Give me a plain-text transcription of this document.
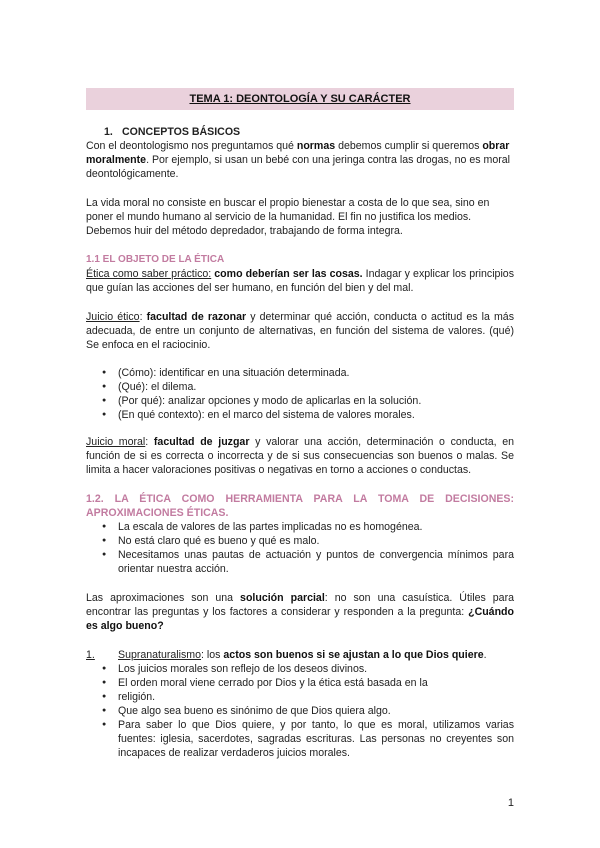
TEMA 1: DEONTOLOGÍA Y SU CARÁCTER

1. CONCEPTOS BÁSICOS

Con el deontologismo nos preguntamos qué normas debemos cumplir si queremos obrar moralmente. Por ejemplo, si usan un bebé con una jeringa contra las drogas, no es moral deontológicamente.

La vida moral no consiste en buscar el propio bienestar a costa de lo que sea, sino en poner el mundo humano al servicio de la humanidad. El fin no justifica los medios. Debemos huir del método depredador, trabajando de forma integra.

1.1 EL OBJETO DE LA ÉTICA

Ética como saber práctico: como deberían ser las cosas. Indagar y explicar los principios que guían las acciones del ser humano, en función del bien y del mal.

Juicio ético: facultad de razonar y determinar qué acción, conducta o actitud es la más adecuada, de entre un conjunto de alternativas, en función del sistema de valores. (qué) Se enfoca en el raciocinio.

● (Cómo): identificar en una situación determinada.
● (Qué): el dilema.
● (Por qué): analizar opciones y modo de aplicarlas en la solución.
● (En qué contexto): en el marco del sistema de valores morales.

Juicio moral: facultad de juzgar y valorar una acción, determinación o conducta, en función de si es correcta o incorrecta y de si sus consecuencias son buenos o malas. Se limita a hacer valoraciones positivas o negativas en torno a acciones o conductas.

1.2. LA ÉTICA COMO HERRAMIENTA PARA LA TOMA DE DECISIONES: APROXIMACIONES ÉTICAS.

● La escala de valores de las partes implicadas no es homogénea.
● No está claro qué es bueno y qué es malo.
● Necesitamos unas pautas de actuación y puntos de convergencia mínimos para orientar nuestra acción.

Las aproximaciones son una solución parcial: no son una casuística. Útiles para encontrar las preguntas y los factores a considerar y responden a la pregunta: ¿Cuándo es algo bueno?

1. Supranaturalismo: los actos son buenos si se ajustan a lo que Dios quiere.

● Los juicios morales son reflejo de los deseos divinos.
● El orden moral viene cerrado por Dios y la ética está basada en la
● religión.
● Que algo sea bueno es sinónimo de que Dios quiera algo.
● Para saber lo que Dios quiere, y por tanto, lo que es moral, utilizamos varias fuentes: iglesia, sacerdotes, sagradas escrituras. Las personas no creyentes son incapaces de realizar verdaderos juicios morales.
1
